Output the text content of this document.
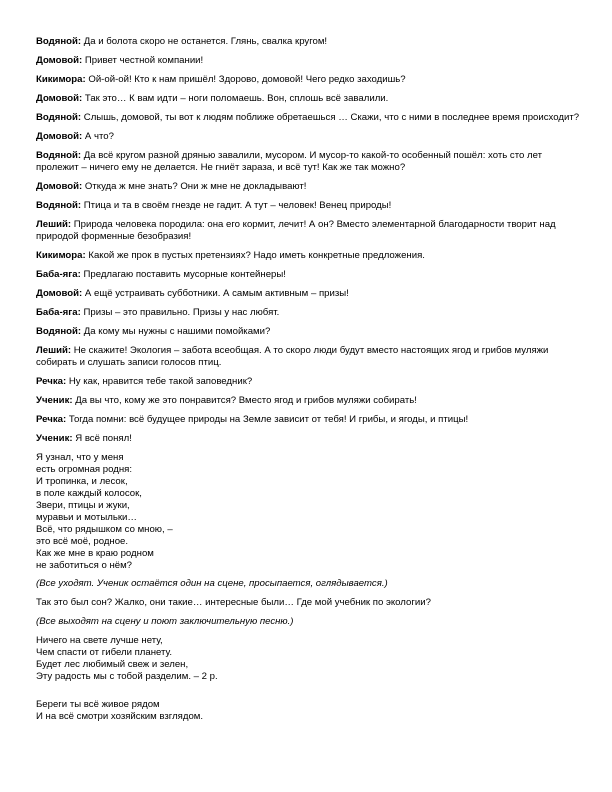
Водяной: Да и болота скоро не останется. Глянь, свалка кругом!
Домовой: Привет честной компании!
Кикимора: Ой-ой-ой! Кто к нам пришёл! Здорово, домовой! Чего редко заходишь?
Домовой: Так это… К вам идти – ноги поломаешь. Вон, сплошь всё завалили.
Водяной: Слышь, домовой, ты вот к людям поближе обретаешься … Скажи, что с ними в последнее время происходит?
Домовой: А что?
Водяной: Да всё кругом разной дрянью завалили, мусором. И мусор-то какой-то особенный пошёл: хоть сто лет пролежит – ничего ему не делается. Не гниёт зараза, и всё тут! Как же так можно?
Домовой: Откуда ж мне знать? Они ж мне не докладывают!
Водяной: Птица и та в своём гнезде не гадит. А тут – человек! Венец природы!
Леший: Природа человека породила: она его кормит, лечит! А он? Вместо элементарной благодарности творит над природой форменные безобразия!
Кикимора: Какой же прок в пустых претензиях? Надо иметь конкретные предложения.
Баба-яга: Предлагаю поставить мусорные контейнеры!
Домовой: А ещё устраивать субботники. А самым активным – призы!
Баба-яга: Призы – это правильно. Призы у нас любят.
Водяной: Да кому мы нужны с нашими помойками?
Леший: Не скажите! Экология – забота всеобщая. А то скоро люди будут вместо настоящих ягод и грибов муляжи собирать и слушать записи голосов птиц.
Речка: Ну как, нравится тебе такой заповедник?
Ученик: Да вы что, кому же это понравится? Вместо ягод и грибов муляжи собирать!
Речка: Тогда помни: всё будущее природы на Земле зависит от тебя! И грибы, и ягоды, и птицы!
Ученик: Я всё понял!
Я узнал, что у меня
есть огромная родня:
И тропинка, и лесок,
в поле каждый колосок,
Звери, птицы и жуки,
муравьи и мотыльки…
Всё, что рядышком со мною, –
это всё моё, родное.
Как же мне в краю родном
не заботиться о нём?
(Все уходят. Ученик остаётся один на сцене, просыпается, оглядывается.)
Так это был сон? Жалко, они такие… интересные были… Где мой учебник по экологии?
(Все выходят на сцену и поют заключительную песню.)
Ничего на свете лучше нету,
Чем спасти от гибели планету.
Будет лес любимый свеж и зелен,
Эту радость мы с тобой разделим. – 2 р.
Береги ты всё живое рядом
И на всё смотри хозяйским взглядом.
